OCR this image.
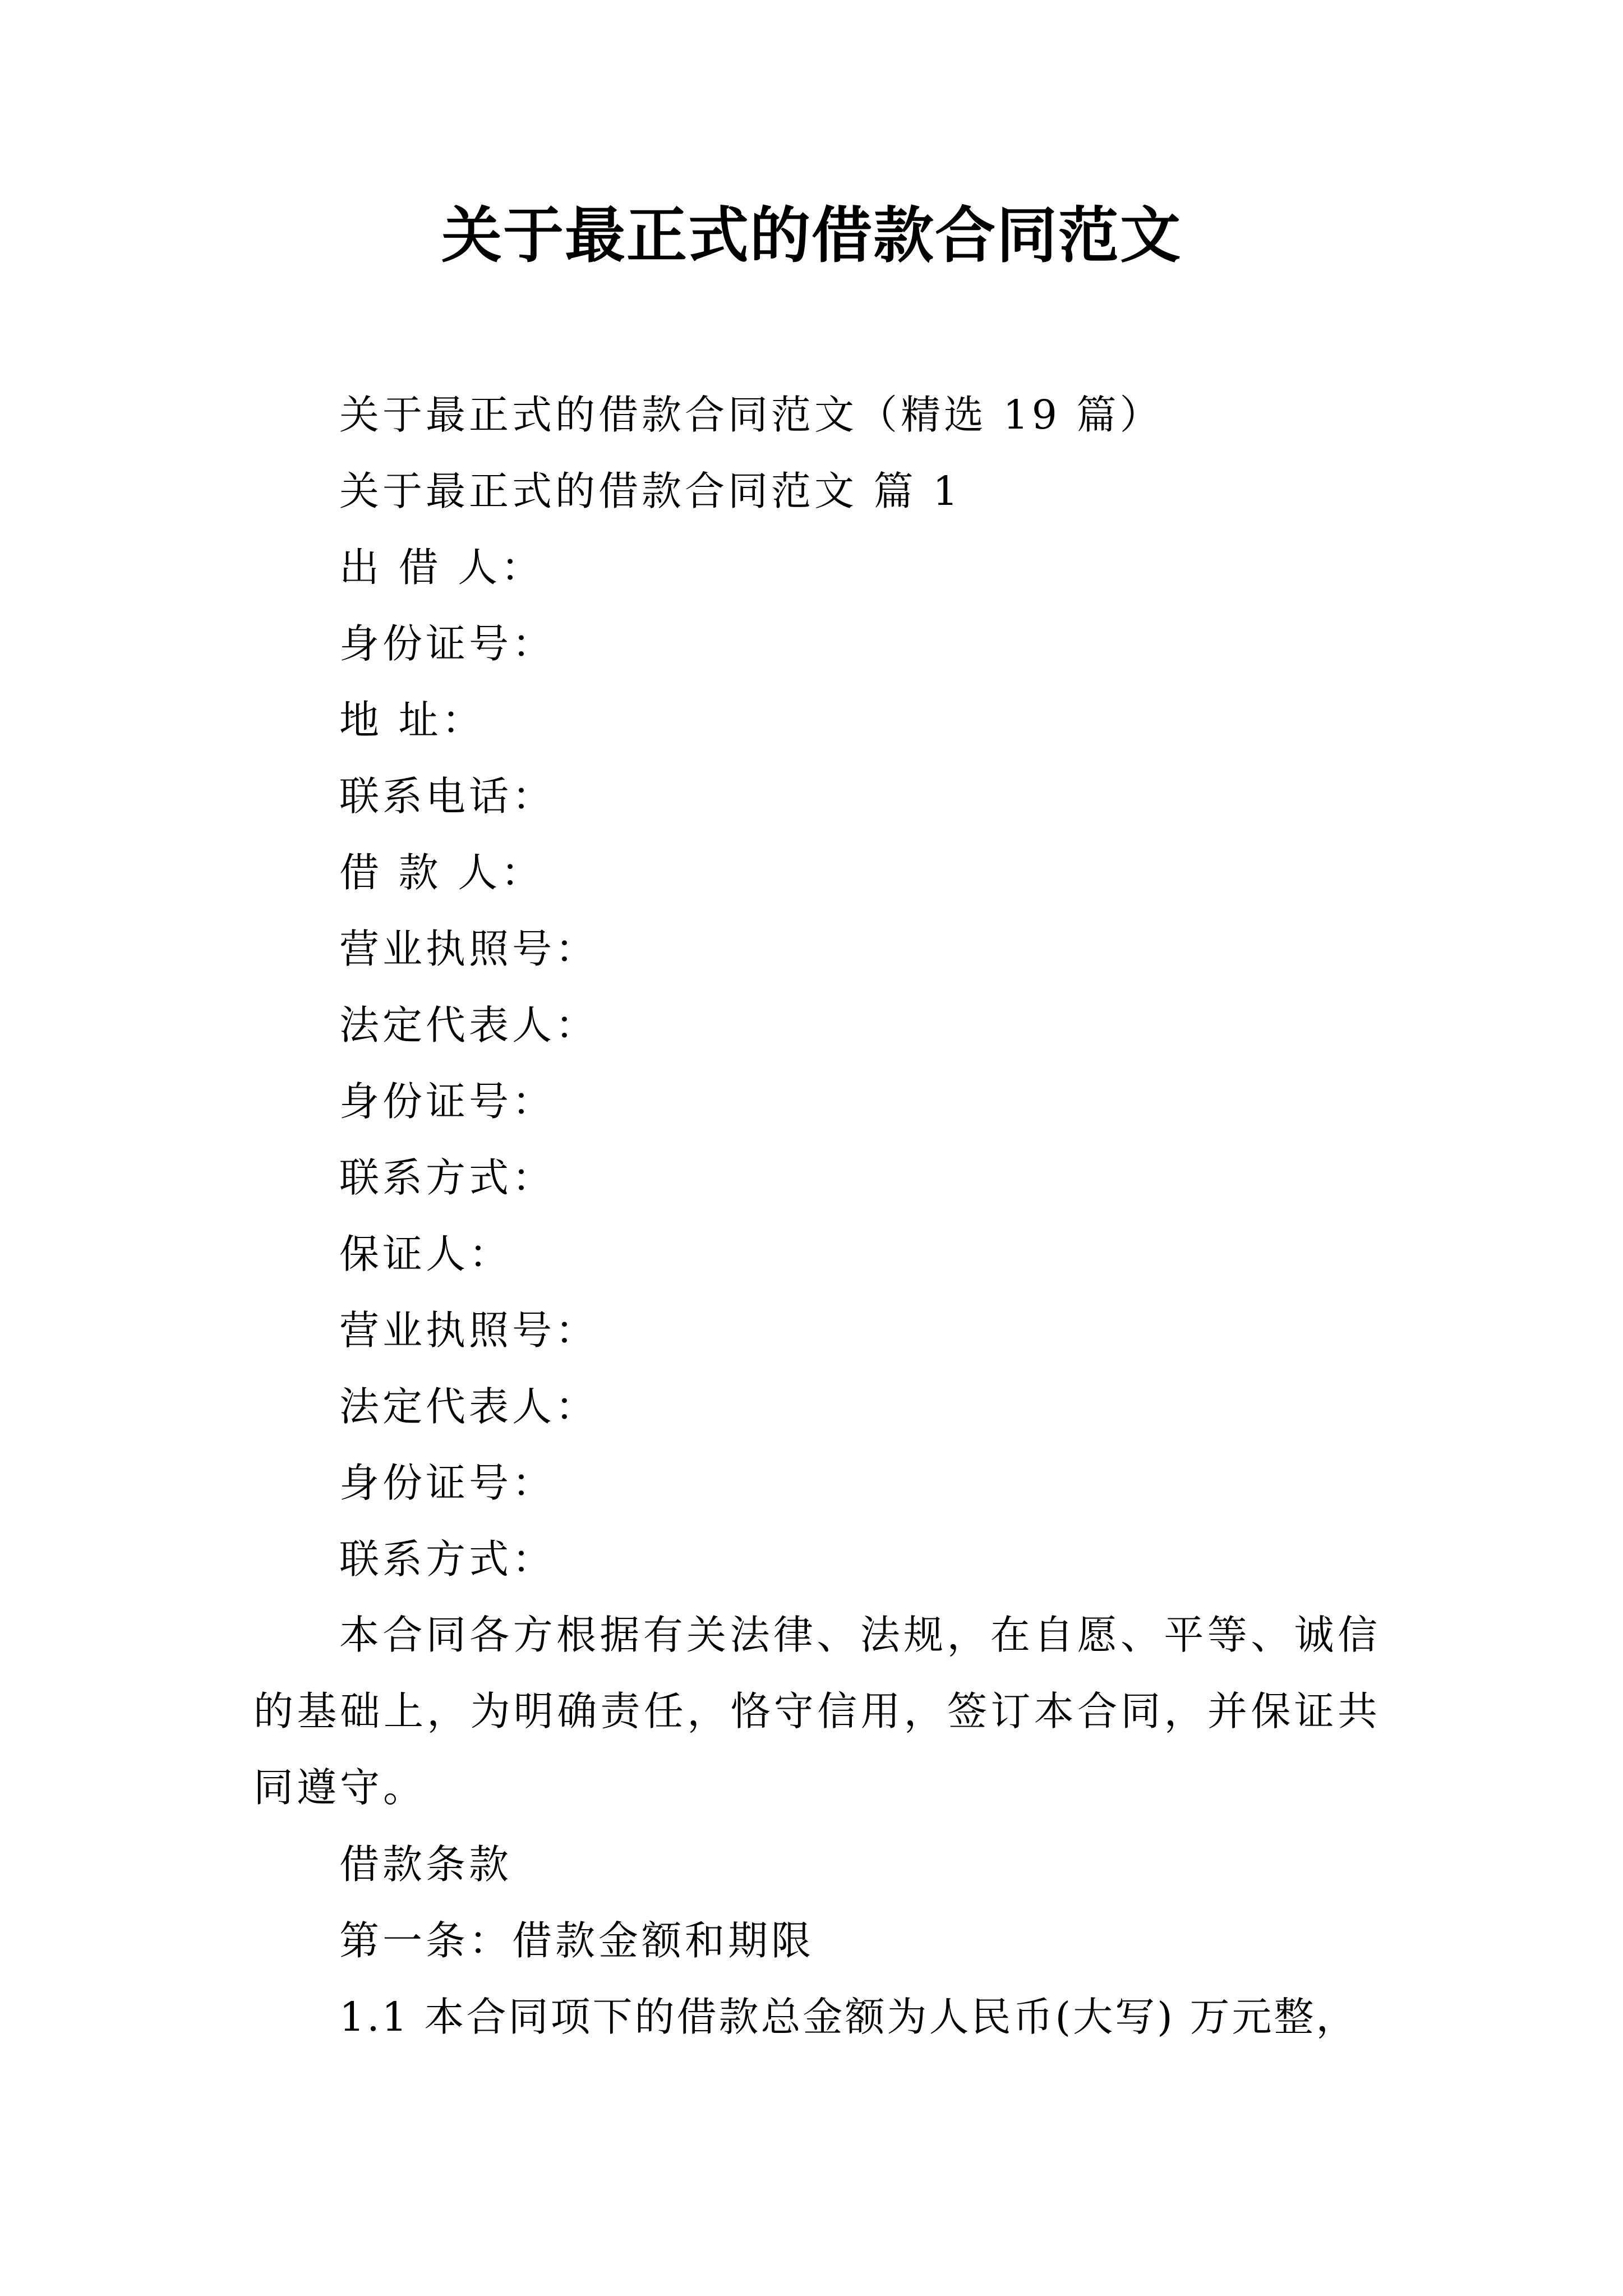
关于最正式的借款合同范文
关于最正式的借款合同范文（精选 19 篇）
关于最正式的借款合同范文 篇 1
出 借 人：
身份证号：
地 址：
联系电话：
借 款 人：
营业执照号：
法定代表人：
身份证号：
联系方式：
保证人：
营业执照号：
法定代表人：
身份证号：
联系方式：
本合同各方根据有关法律、法规，在自愿、平等、诚信的基础上，为明确责任，恪守信用，签订本合同，并保证共同遵守。
借款条款
第一条：借款金额和期限
1.1 本合同项下的借款总金额为人民币(大写) 万元整，
